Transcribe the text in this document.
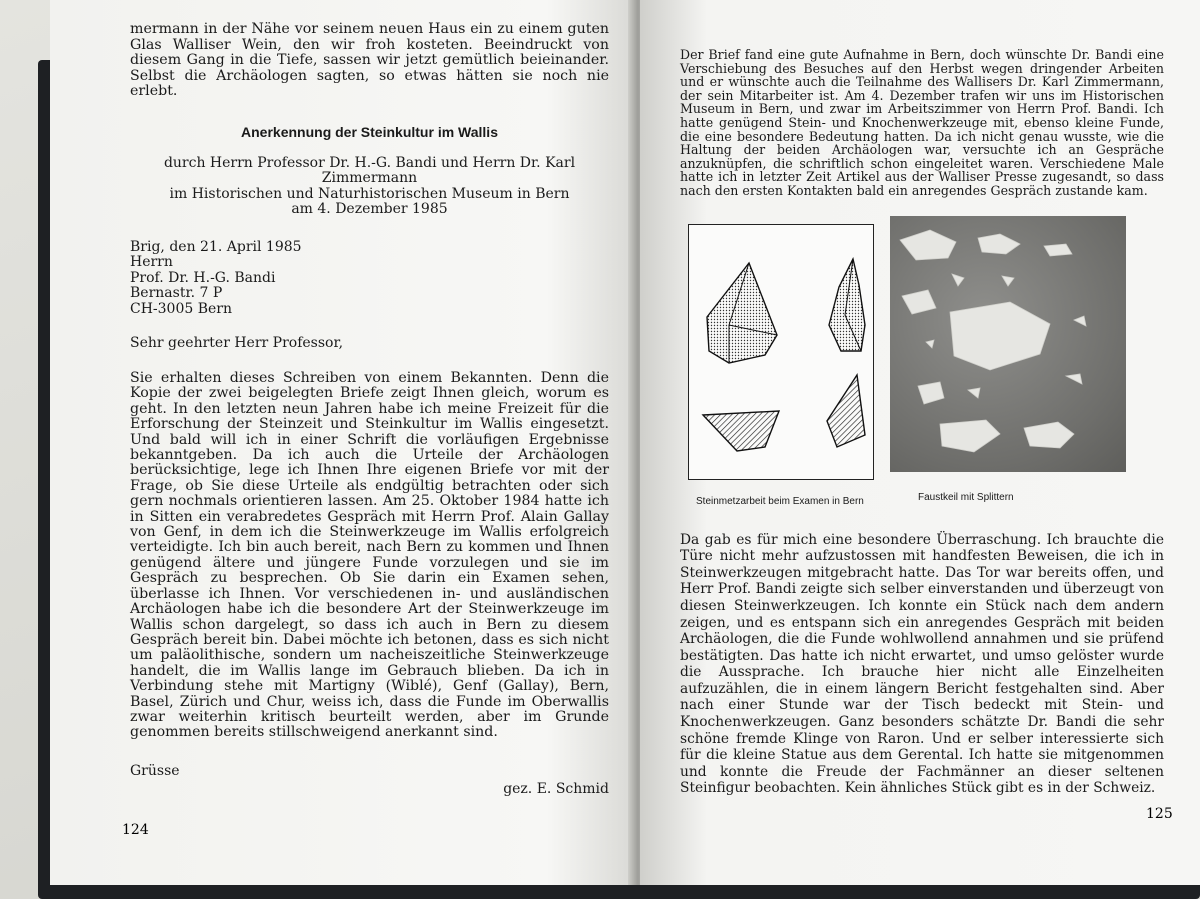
mermann in der Nähe vor seinem neuen Haus ein zu einem guten Glas Walliser Wein, den wir froh kosteten. Beeindruckt von diesem Gang in die Tiefe, sassen wir jetzt gemütlich beieinander. Selbst die Archäologen sagten, so etwas hätten sie noch nie erlebt.

Anerkennung der Steinkultur im Wallis

durch Herrn Professor Dr. H.-G. Bandi und Herrn Dr. Karl Zimmermann
im Historischen und Naturhistorischen Museum in Bern
am 4. Dezember 1985
Brig, den 21. April 1985
Herrn
Prof. Dr. H.-G. Bandi
Bernastr. 7 P
CH-3005 Bern

Sehr geehrter Herr Professor,

Sie erhalten dieses Schreiben von einem Bekannten. Denn die Kopie der zwei beigelegten Briefe zeigt Ihnen gleich, worum es geht. In den letzten neun Jahren habe ich meine Freizeit für die Erforschung der Steinzeit und Steinkultur im Wallis eingesetzt. Und bald will ich in einer Schrift die vorläufigen Ergebnisse bekanntgeben. Da ich auch die Urteile der Archäologen berücksichtige, lege ich Ihnen Ihre eigenen Briefe vor mit der Frage, ob Sie diese Urteile als endgültig betrachten oder sich gern nochmals orientieren lassen. Am 25. Oktober 1984 hatte ich in Sitten ein verabredetes Gespräch mit Herrn Prof. Alain Gallay von Genf, in dem ich die Steinwerkzeuge im Wallis erfolgreich verteidigte. Ich bin auch bereit, nach Bern zu kommen und Ihnen genügend ältere und jüngere Funde vorzulegen und sie im Gespräch zu besprechen. Ob Sie darin ein Examen sehen, überlasse ich Ihnen. Vor verschiedenen in- und ausländischen Archäologen habe ich die besondere Art der Steinwerkzeuge im Wallis schon dargelegt, so dass ich auch in Bern zu diesem Gespräch bereit bin. Dabei möchte ich betonen, dass es sich nicht um paläolithische, sondern um nacheiszeitliche Steinwerkzeuge handelt, die im Wallis lange im Gebrauch blieben. Da ich in Verbindung stehe mit Martigny (Wiblé), Genf (Gallay), Bern, Basel, Zürich und Chur, weiss ich, dass die Funde im Oberwallis zwar weiterhin kritisch beurteilt werden, aber im Grunde genommen bereits stillschweigend anerkannt sind.

Grüsse

gez. E. Schmid

124

Der Brief fand eine gute Aufnahme in Bern, doch wünschte Dr. Bandi eine Verschiebung des Besuches auf den Herbst wegen dringender Arbeiten und er wünschte auch die Teilnahme des Wallisers Dr. Karl Zimmermann, der sein Mitarbeiter ist. Am 4. Dezember trafen wir uns im Historischen Museum in Bern, und zwar im Arbeitszimmer von Herrn Prof. Bandi. Ich hatte genügend Stein- und Knochenwerkzeuge mit, ebenso kleine Funde, die eine besondere Bedeutung hatten. Da ich nicht genau wusste, wie die Haltung der beiden Archäologen war, versuchte ich an Gespräche anzuknüpfen, die schriftlich schon eingeleitet waren. Verschiedene Male hatte ich in letzter Zeit Artikel aus der Walliser Presse zugesandt, so dass nach den ersten Kontakten bald ein anregendes Gespräch zustande kam.

Steinmetzarbeit beim Examen in Bern	Faustkeil mit Splittern

Da gab es für mich eine besondere Überraschung. Ich brauchte die Türe nicht mehr aufzustossen mit handfesten Beweisen, die ich in Steinwerkzeugen mitgebracht hatte. Das Tor war bereits offen, und Herr Prof. Bandi zeigte sich selber einverstanden und überzeugt von diesen Steinwerkzeugen. Ich konnte ein Stück nach dem andern zeigen, und es entspann sich ein anregendes Gespräch mit beiden Archäologen, die die Funde wohlwollend annahmen und sie prüfend bestätigten. Das hatte ich nicht erwartet, und umso gelöster wurde die Aussprache. Ich brauche hier nicht alle Einzelheiten aufzuzählen, die in einem längern Bericht festgehalten sind. Aber nach einer Stunde war der Tisch bedeckt mit Stein- und Knochenwerkzeugen. Ganz besonders schätzte Dr. Bandi die sehr schöne fremde Klinge von Raron. Und er selber interessierte sich für die kleine Statue aus dem Gerental. Ich hatte sie mitgenommen und konnte die Freude der Fachmänner an dieser seltenen Steinfigur beobachten. Kein ähnliches Stück gibt es in der Schweiz.

125
